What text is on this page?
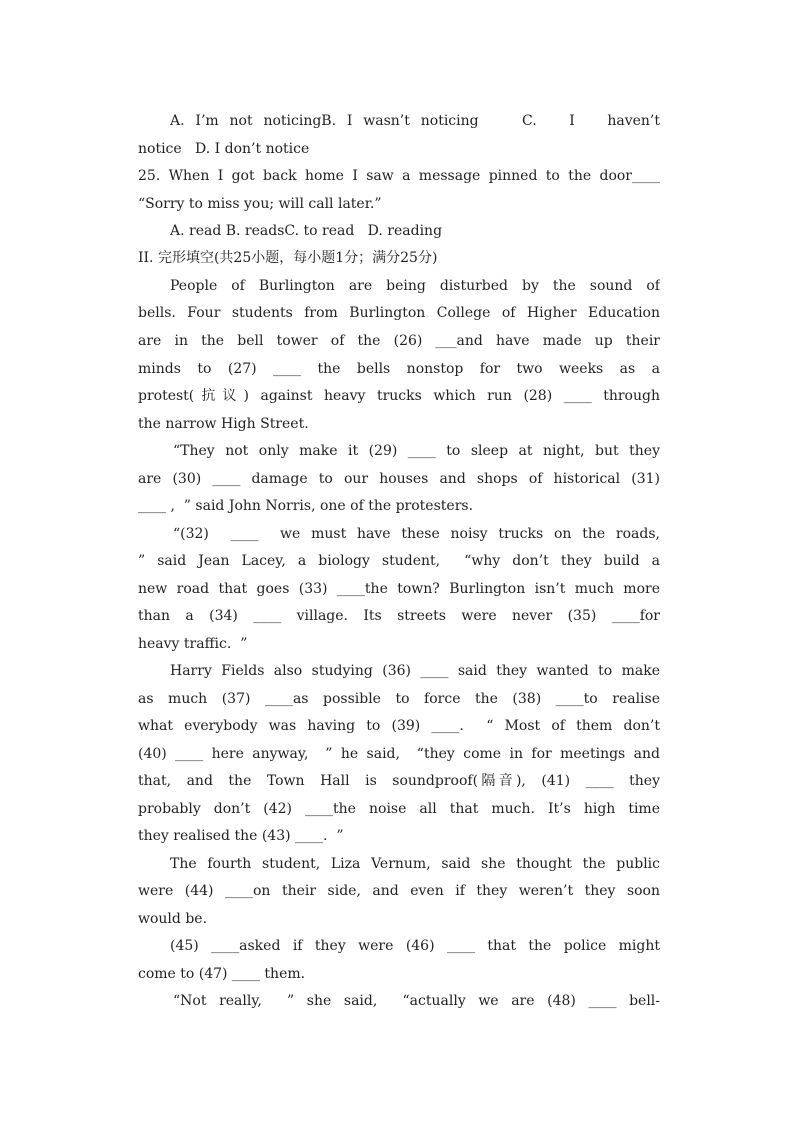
A. I’m not noticingB. I wasn’t noticing    C.   I   haven’t

notice   D. I don’t notice

25. When I got back home I saw a message pinned to the door____

“Sorry to miss you; will call later.”

A. read B. readsC. to read   D. reading

II. 完形填空(共25小题，每小题1分；满分25分)

People  of  Burlington  are  being  disturbed  by  the  sound  of

bells. Four students from Burlington College of Higher Education

are  in  the  bell  tower  of  the  (26)  ___and  have  made  up  their

minds  to  (27)  ____  the  bells  nonstop  for  two  weeks  as  a

protest(抗议) against heavy trucks which run (28) ____ through

the narrow High Street.

“They not only make it (29) ____ to sleep at night, but they

are (30) ____ damage to our houses and shops of historical (31)

____ ,  ” said John Norris, one of the protesters.

“(32)  ____  we must have these noisy trucks on the roads,

” said Jean Lacey, a biology student,  “why don’t they build a

new road that goes (33) ____the town? Burlington isn’t much more

than  a  (34)  ____  village.  Its  streets  were  never  (35)  ____for

heavy traffic.  ”

Harry Fields also studying (36) ____ said they wanted to make

as  much  (37)  ____as  possible  to  force  the  (38)  ____to  realise

what everybody was having to (39) ____.  “ Most of them don’t

(40) ____ here anyway,  ” he said,  “they come in for meetings and

that,  and  the  Town  Hall  is  soundproof(隔音),  (41)  ____  they

probably don’t (42) ____the noise all that much. It’s high time

they realised the (43) ____.  ”

The fourth student, Liza Vernum, said she thought the public

were (44) ____on their side, and even if they weren’t they soon

would be.

(45) ____asked if they were (46) ____ that the police might

come to (47) ____ them.

“Not really,  ” she said,  “actually we are (48) ____ bell-
